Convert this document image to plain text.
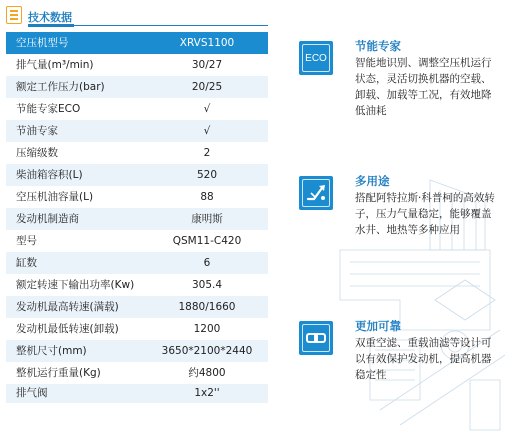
技术数据
空压机型号	XRVS1100
排气量(m³/min)	30/27
额定工作压力(bar)	20/25
节能专家ECO	√
节油专家	√
压缩级数	2
柴油箱容积(L)	520
空压机油容量(L)	88
发动机制造商	康明斯
型号	QSM11-C420
缸数	6
额定转速下输出功率(Kw)	305.4
发动机最高转速(满载)	1880/1660
发动机最低转速(卸载)	1200
整机尺寸(mm)	3650*2100*2440
整机运行重量(Kg)	约4800
排气阀	1x2''
ECO
节能专家
智能地识别、调整空压机运行状态，灵活切换机器的空载、卸载、加载等工况，有效地降低油耗
多用途
搭配阿特拉斯·科普柯的高效转子，压力气量稳定，能够覆盖水井、地热等多种应用
更加可靠
双重空滤、重载油滤等设计可以有效保护发动机，提高机器稳定性
